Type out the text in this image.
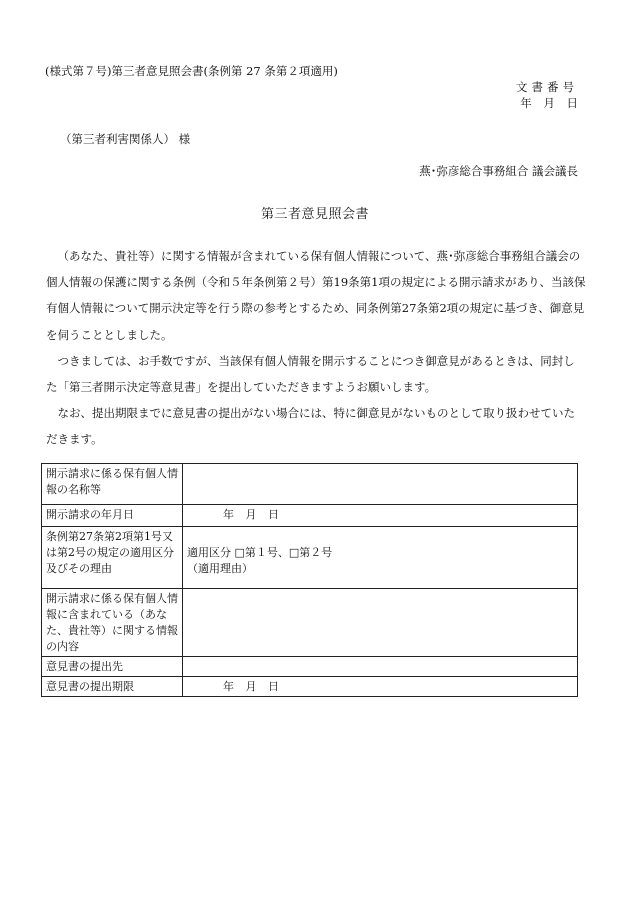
(様式第７号)第三者意見照会書(条例第 27 条第２項適用)
文書番号
年 月 日
（第三者利害関係人） 様
燕･弥彦総合事務組合 議会議長
第三者意見照会書

（あなた、貴社等）に関する情報が含まれている保有個人情報について、燕･弥彦総合事務組合議会の個人情報の保護に関する条例（令和５年条例第２号）第19条第1項の規定による開示請求があり、当該保有個人情報について開示決定等を行う際の参考とするため、同条例第27条第2項の規定に基づき、御意見を伺うこととしました。

つきましては、お手数ですが、当該保有個人情報を開示することにつき御意見があるときは、同封した「第三者開示決定等意見書」を提出していただきますようお願いします。

なお、提出期限までに意見書の提出がない場合には、特に御意見がないものとして取り扱わせていただきます。

開示請求に係る保有個人情報の名称等	
開示請求の年月日	年 月 日
条例第27条第2項第1号又は第2号の規定の適用区分及びその理由	適用区分 □第１号、□第２号
（適用理由）

開示請求に係る保有個人情報に含まれている（あなた、貴社等）に関する情報の内容	
意見書の提出先	
意見書の提出期限	年 月 日
